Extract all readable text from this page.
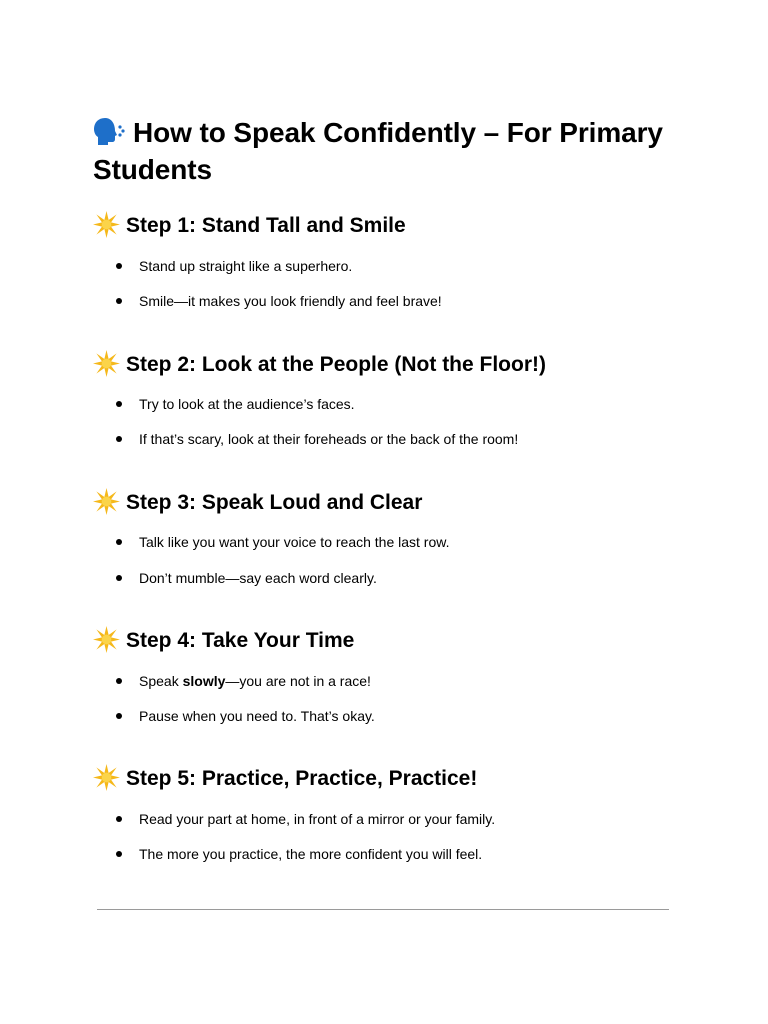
How to Speak Confidently – For Primary Students
Step 1: Stand Tall and Smile
Stand up straight like a superhero.
Smile—it makes you look friendly and feel brave!
Step 2: Look at the People (Not the Floor!)
Try to look at the audience’s faces.
If that’s scary, look at their foreheads or the back of the room!
Step 3: Speak Loud and Clear
Talk like you want your voice to reach the last row.
Don’t mumble—say each word clearly.
Step 4: Take Your Time
Speak slowly—you are not in a race!
Pause when you need to. That’s okay.
Step 5: Practice, Practice, Practice!
Read your part at home, in front of a mirror or your family.
The more you practice, the more confident you will feel.
